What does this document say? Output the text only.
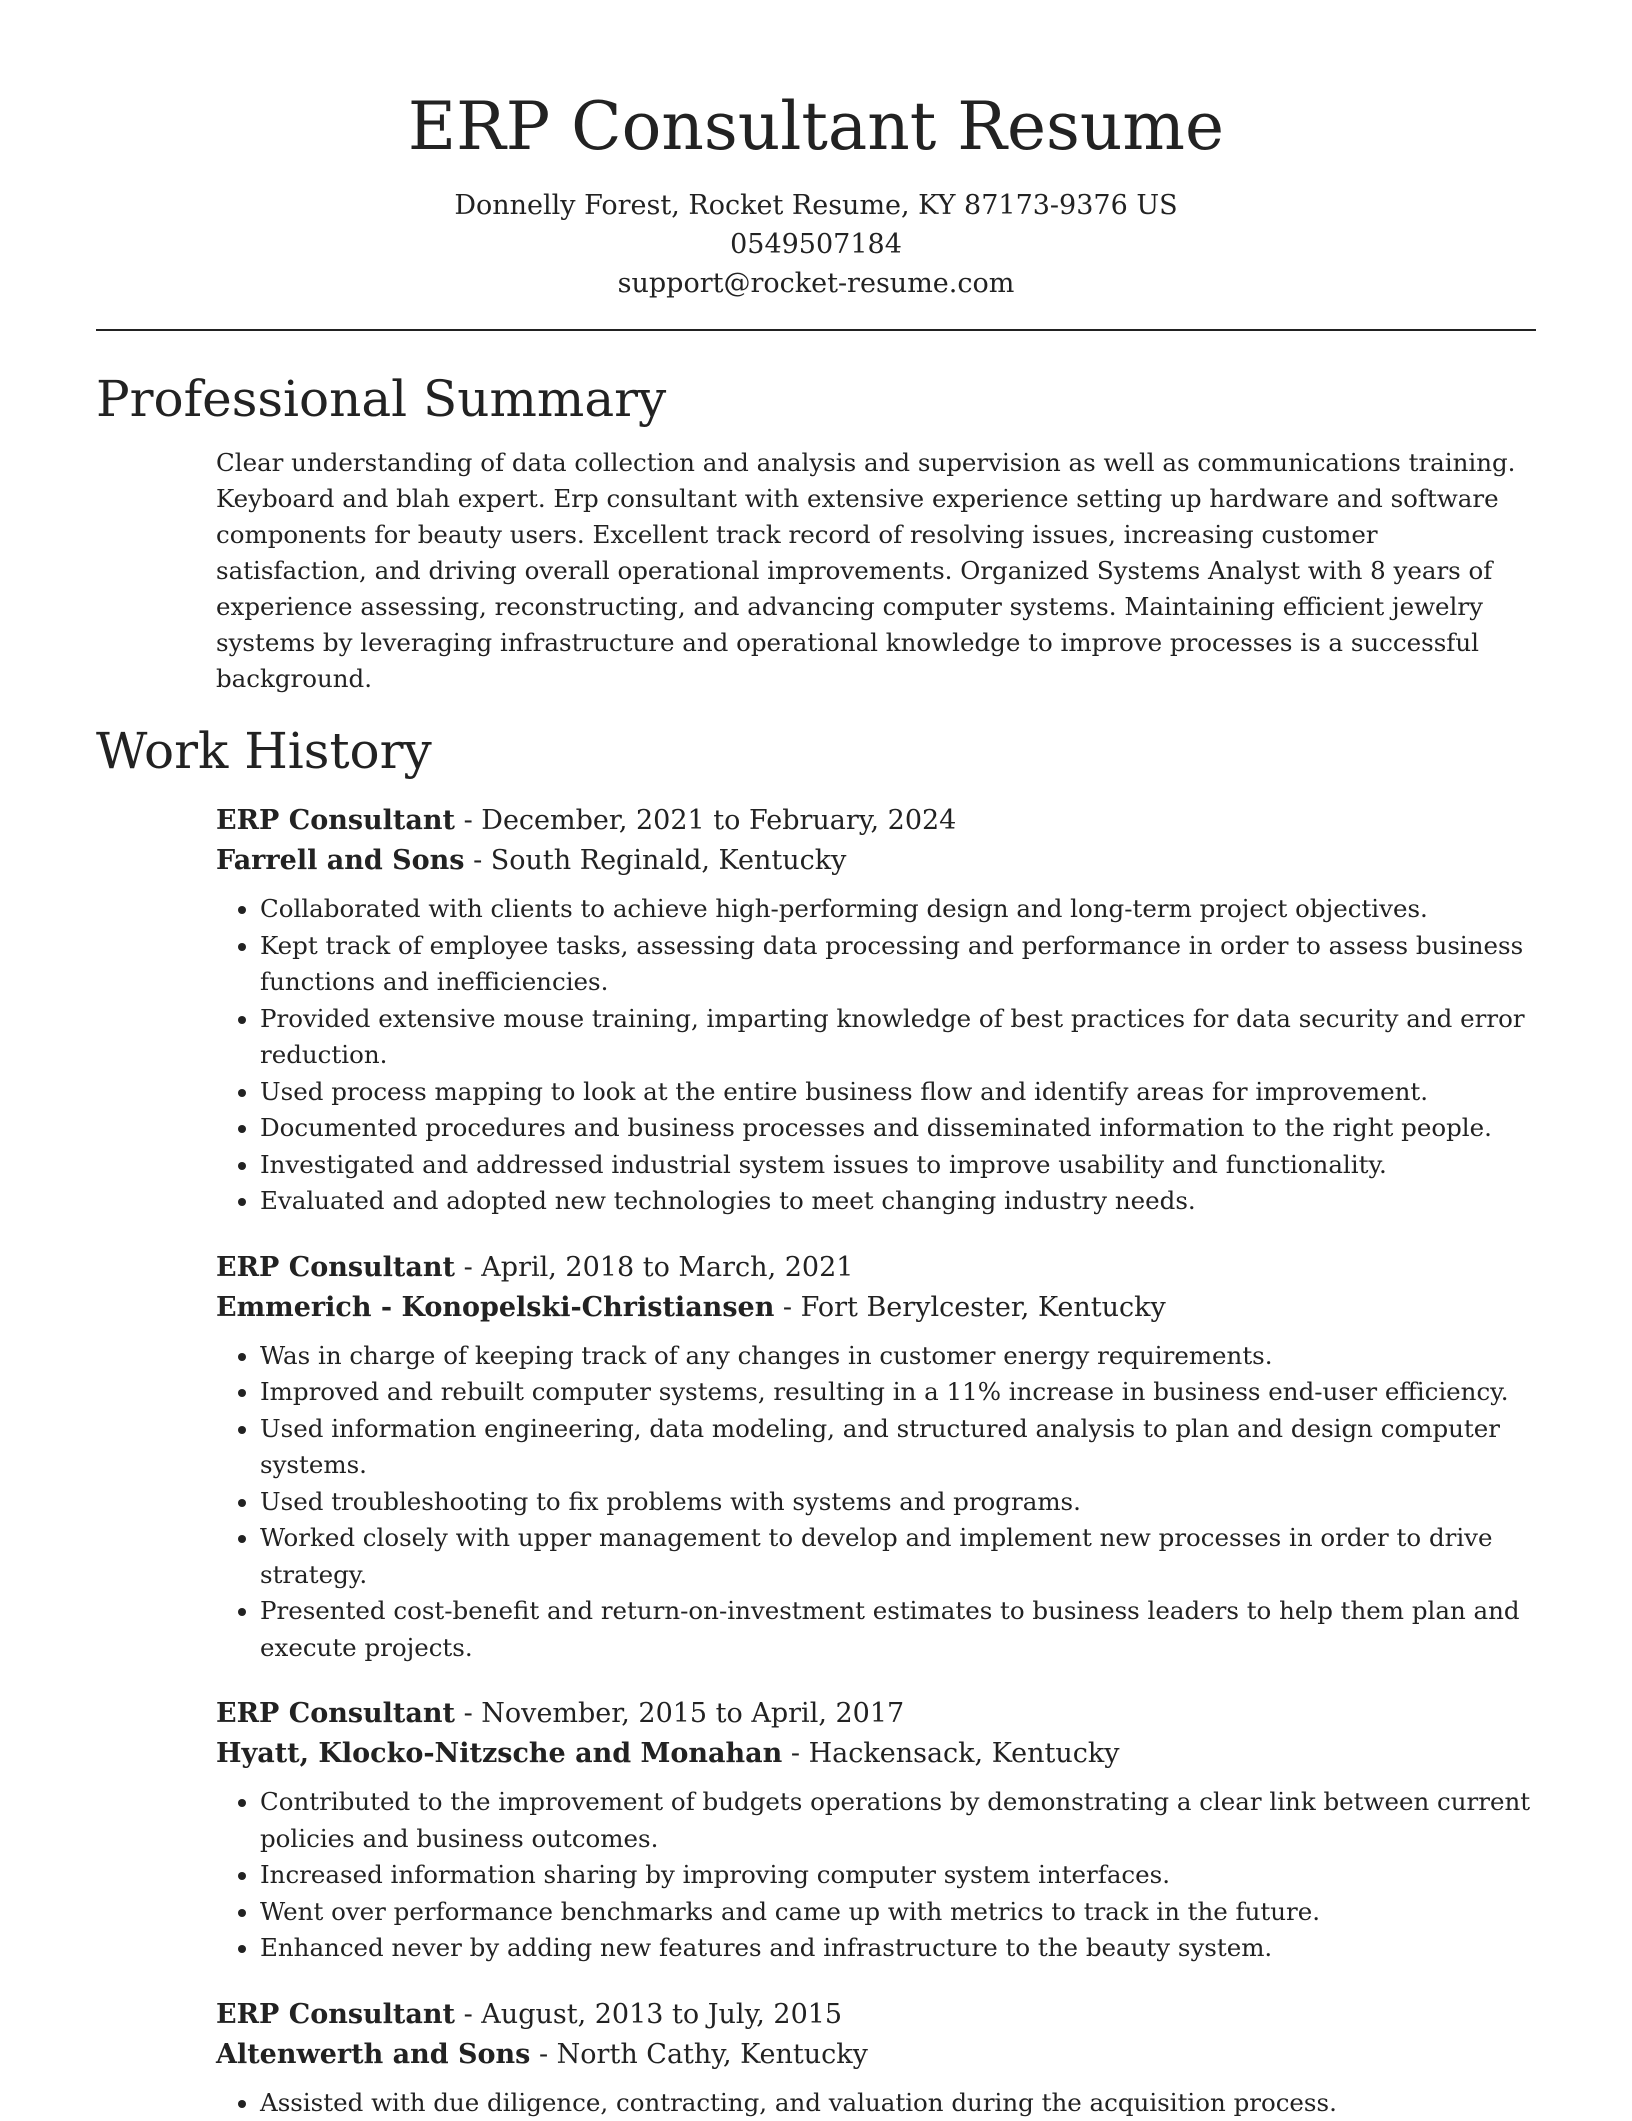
ERP Consultant Resume
Donnelly Forest, Rocket Resume, KY 87173-9376 US
0549507184
support@rocket-resume.com
Professional Summary

Clear understanding of data collection and analysis and supervision as well as communications training. Keyboard and blah expert. Erp consultant with extensive experience setting up hardware and software components for beauty users. Excellent track record of resolving issues, increasing customer satisfaction, and driving overall operational improvements. Organized Systems Analyst with 8 years of experience assessing, reconstructing, and advancing computer systems. Maintaining efficient jewelry systems by leveraging infrastructure and operational knowledge to improve processes is a successful background.

Work History
ERP Consultant - December, 2021 to February, 2024
Farrell and Sons - South Reginald, Kentucky
• Collaborated with clients to achieve high-performing design and long-term project objectives.
• Kept track of employee tasks, assessing data processing and performance in order to assess business functions and inefficiencies.
• Provided extensive mouse training, imparting knowledge of best practices for data security and error reduction.
• Used process mapping to look at the entire business flow and identify areas for improvement.
• Documented procedures and business processes and disseminated information to the right people.
• Investigated and addressed industrial system issues to improve usability and functionality.
• Evaluated and adopted new technologies to meet changing industry needs.
ERP Consultant - April, 2018 to March, 2021
Emmerich - Konopelski-Christiansen - Fort Berylcester, Kentucky
• Was in charge of keeping track of any changes in customer energy requirements.
• Improved and rebuilt computer systems, resulting in a 11% increase in business end-user efficiency.
• Used information engineering, data modeling, and structured analysis to plan and design computer systems.
• Used troubleshooting to fix problems with systems and programs.
• Worked closely with upper management to develop and implement new processes in order to drive strategy.
• Presented cost-benefit and return-on-investment estimates to business leaders to help them plan and execute projects.
ERP Consultant - November, 2015 to April, 2017
Hyatt, Klocko-Nitzsche and Monahan - Hackensack, Kentucky
• Contributed to the improvement of budgets operations by demonstrating a clear link between current policies and business outcomes.
• Increased information sharing by improving computer system interfaces.
• Went over performance benchmarks and came up with metrics to track in the future.
• Enhanced never by adding new features and infrastructure to the beauty system.
ERP Consultant - August, 2013 to July, 2015
Altenwerth and Sons - North Cathy, Kentucky
• Assisted with due diligence, contracting, and valuation during the acquisition process.
